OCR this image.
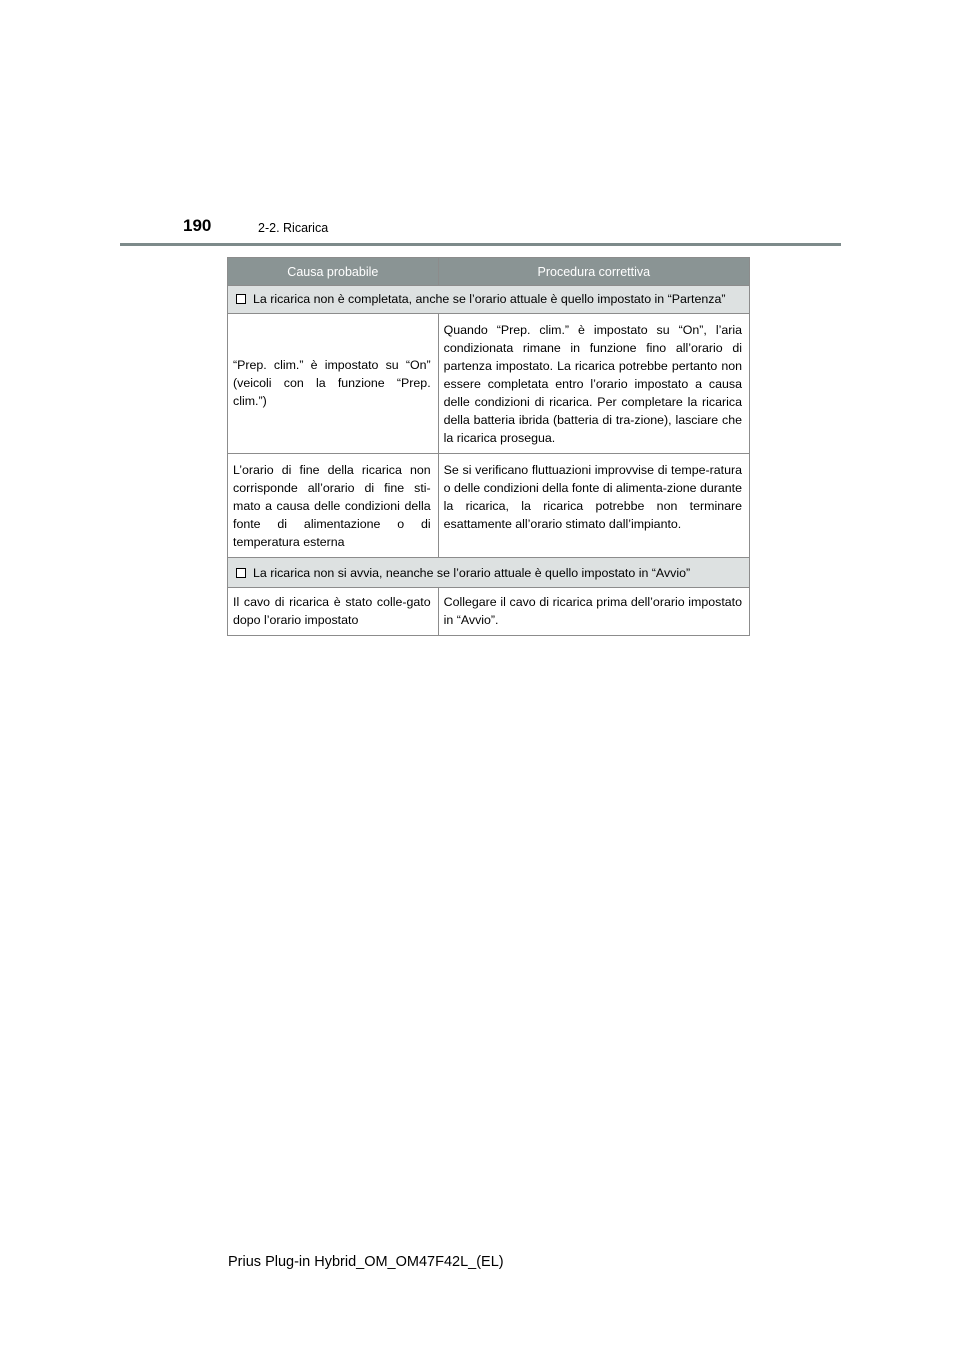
190	2-2. Ricarica
Causa probabile	Procedura correttiva

La ricarica non è completata, anche se l’orario attuale è quello impostato in “Partenza”	

“Prep. clim.” è impostato su “On” (veicoli con la funzione “Prep. clim.”)	Quando “Prep. clim.” è impostato su “On”, l’aria condizionata rimane in funzione fino all’orario di partenza impostato. La ricarica potrebbe pertanto non essere completata entro l’orario impostato a causa delle condizioni di ricarica. Per completare la ricarica della batteria ibrida (batteria di tra-zione), lasciare che la ricarica prosegua.

L’orario di fine della ricarica non corrisponde all’orario di fine sti-mato a causa delle condizioni della fonte di alimentazione o di temperatura esterna	Se si verificano fluttuazioni improvvise di tempe-ratura o delle condizioni della fonte di alimenta-zione durante la ricarica, la ricarica potrebbe non terminare esattamente all’orario stimato dall’impianto.

La ricarica non si avvia, neanche se l’orario attuale è quello impostato in “Avvio”	

Il cavo di ricarica è stato colle-gato dopo l’orario impostato	Collegare il cavo di ricarica prima dell’orario impostato in “Avvio”.
Prius Plug-in Hybrid_OM_OM47F42L_(EL)
